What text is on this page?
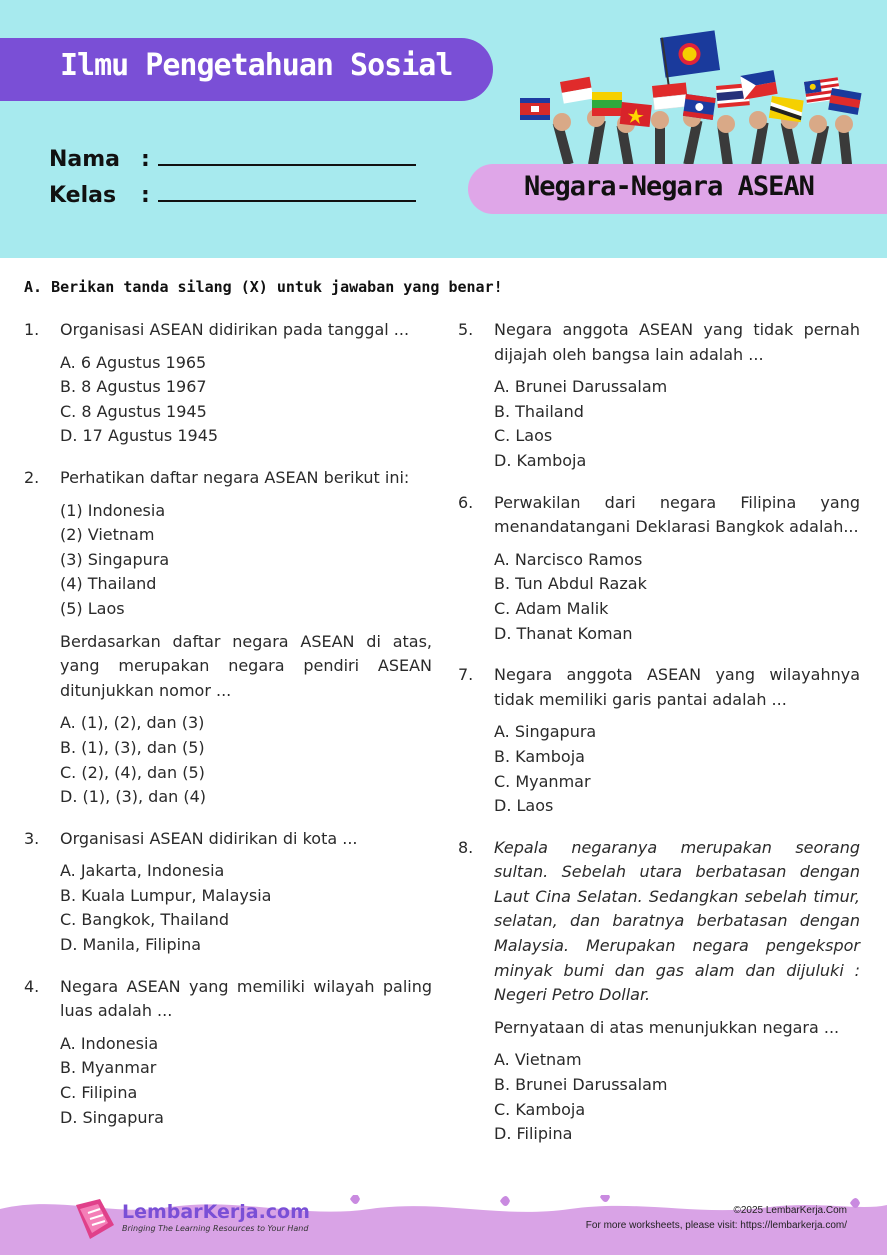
Ilmu Pengetahuan Sosial
Nama :
Kelas :	Negara-Negara ASEAN
A. Berikan tanda silang (X) untuk jawaban yang benar!
1. Organisasi ASEAN didirikan pada tanggal ...
A. 6 Agustus 1965
B. 8 Agustus 1967
C. 8 Agustus 1945
D. 17 Agustus 1945
2. Perhatikan daftar negara ASEAN berikut ini:
(1) Indonesia
(2) Vietnam
(3) Singapura
(4) Thailand
(5) Laos
Berdasarkan daftar negara ASEAN di atas, yang merupakan negara pendiri ASEAN ditunjukkan nomor ...
A. (1), (2), dan (3)
B. (1), (3), dan (5)
C. (2), (4), dan (5)
D. (1), (3), dan (4)
3. Organisasi ASEAN didirikan di kota ...
A. Jakarta, Indonesia
B. Kuala Lumpur, Malaysia
C. Bangkok, Thailand
D. Manila, Filipina
4. Negara ASEAN yang memiliki wilayah paling luas adalah ...
A. Indonesia
B. Myanmar
C. Filipina
D. Singapura
5. Negara anggota ASEAN yang tidak pernah dijajah oleh bangsa lain adalah ...
A. Brunei Darussalam
B. Thailand
C. Laos
D. Kamboja
6. Perwakilan dari negara Filipina yang menandatangani Deklarasi Bangkok adalah...
A. Narcisco Ramos
B. Tun Abdul Razak
C. Adam Malik
D. Thanat Koman
7. Negara anggota ASEAN yang wilayahnya tidak memiliki garis pantai adalah ...
A. Singapura
B. Kamboja
C. Myanmar
D. Laos
8. Kepala negaranya merupakan seorang sultan. Sebelah utara berbatasan dengan Laut Cina Selatan. Sedangkan sebelah timur, selatan, dan baratnya berbatasan dengan Malaysia. Merupakan negara pengekspor minyak bumi dan gas alam dan dijuluki : Negeri Petro Dollar.
Pernyataan di atas menunjukkan negara ...
A. Vietnam
B. Brunei Darussalam
C. Kamboja
D. Filipina
LembarKerja.com
Bringing The Learning Resources to Your Hand
©2025 LembarKerja.Com
For more worksheets, please visit: https://lembarkerja.com/
